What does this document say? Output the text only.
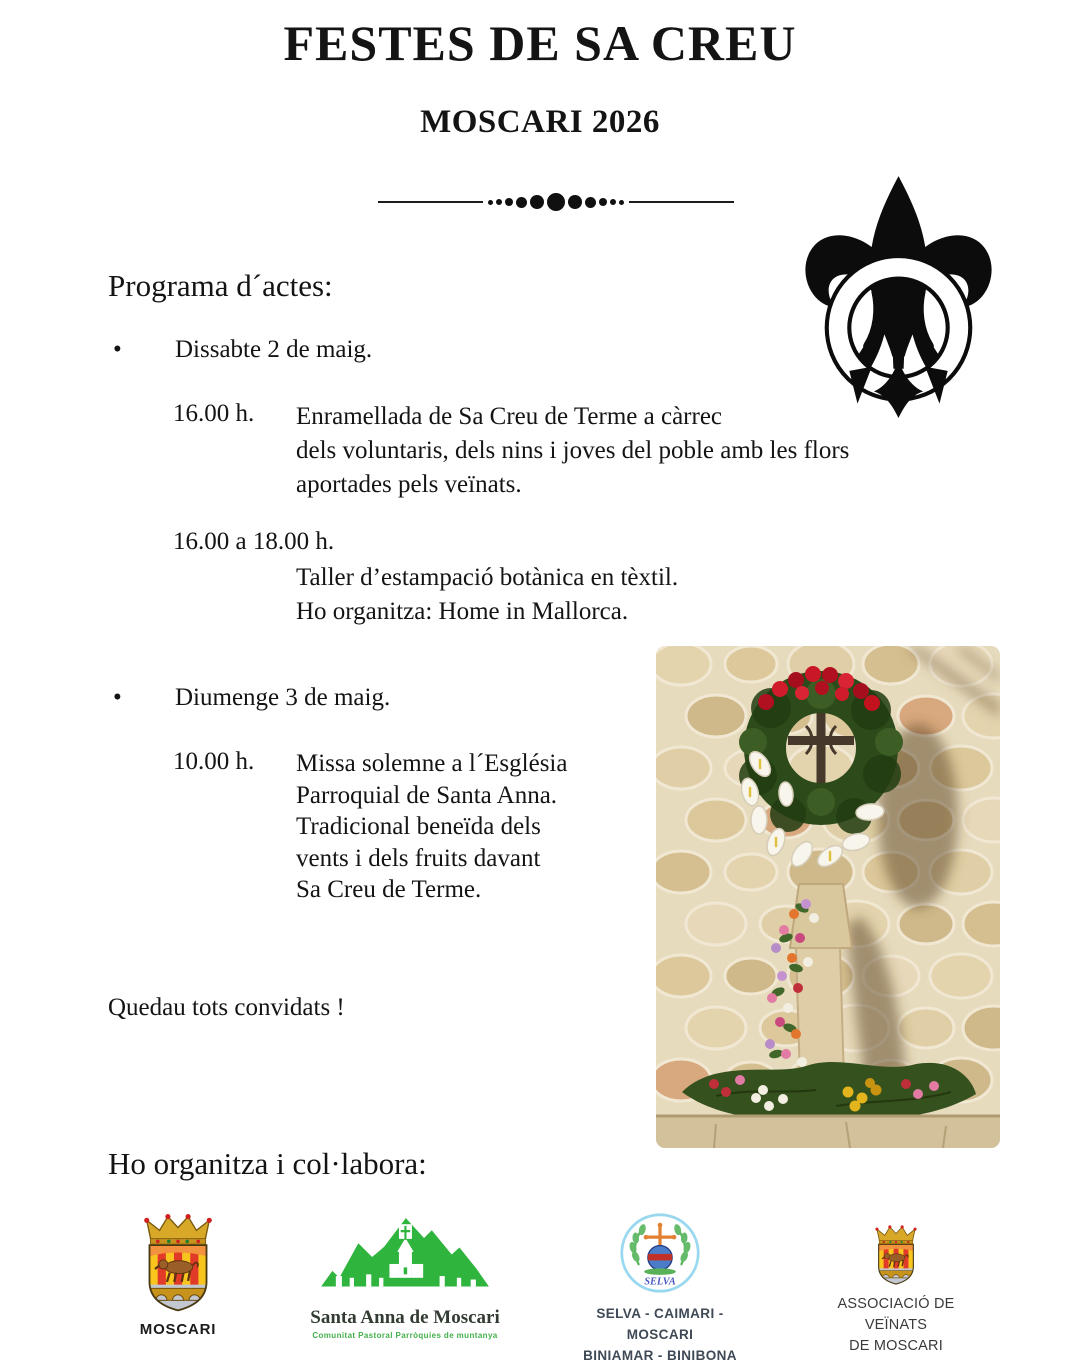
FESTES DE SA CREU
MOSCARI 2026
Programa d´actes:
•	Dissabte 2 de maig.
16.00 h. Enramellada de Sa Creu de Terme a càrrec
dels voluntaris, dels nins i joves del poble amb les flors
aportades pels veïnats.
16.00 a 18.00 h.
Taller d’estampació botànica en tèxtil.
Ho organitza: Home in Mallorca.
•	Diumenge 3 de maig.
10.00 h. Missa solemne a l´Església
Parroquial de Santa Anna.
Tradicional beneïda dels
vents i dels fruits davant
Sa Creu de Terme.
Quedau tots convidats !
Ho organitza i col·labora:
MOSCARI
Santa Anna de Moscari
Comunitat Pastoral Parròquies de muntanya
SELVA
SELVA - CAIMARI - MOSCARI
BINIAMAR - BINIBONA
ASSOCIACIÓ DE VEÏNATS
DE MOSCARI
